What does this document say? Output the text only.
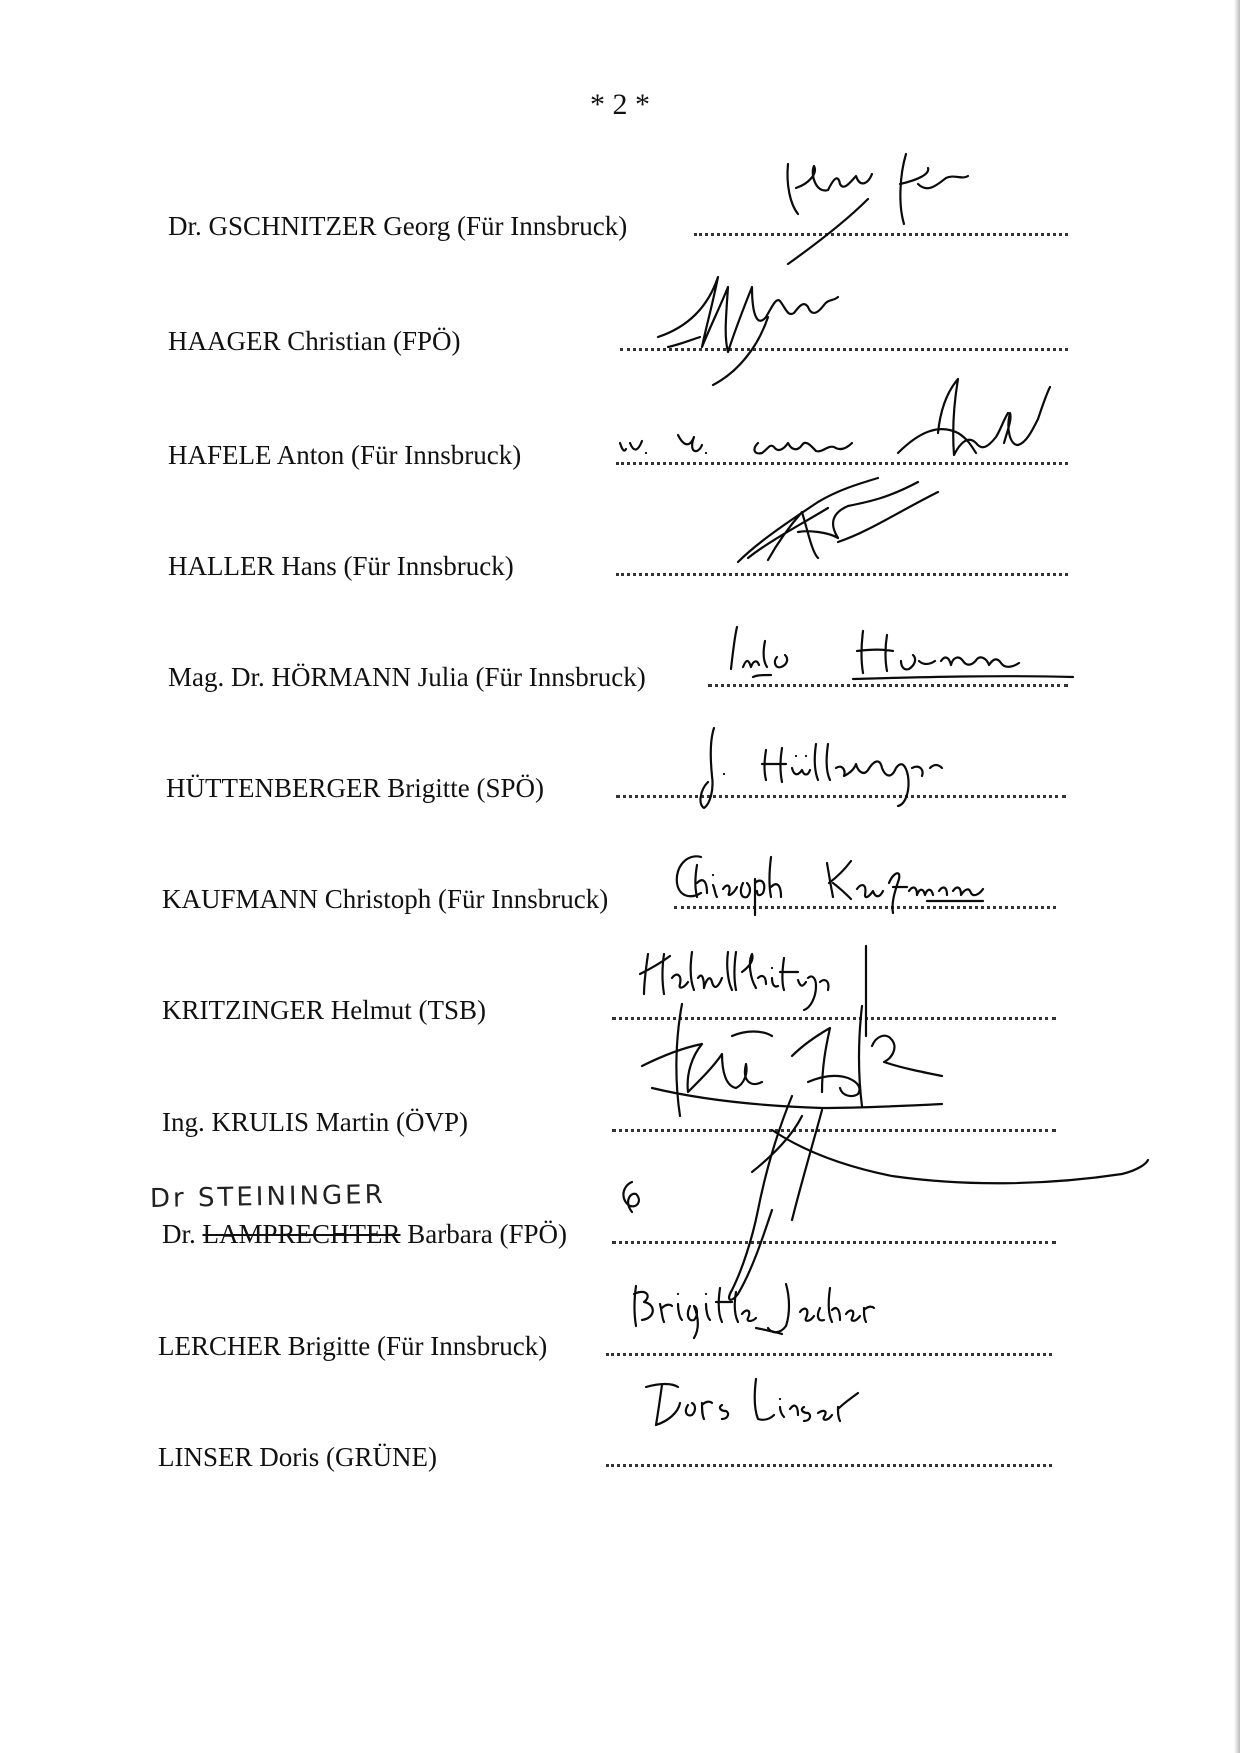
* 2 *
Dr. GSCHNITZER Georg (Für Innsbruck)
HAAGER Christian (FPÖ)
HAFELE Anton (Für Innsbruck)
HALLER Hans (Für Innsbruck)
Mag. Dr. HÖRMANN Julia (Für Innsbruck)
HÜTTENBERGER Brigitte (SPÖ)
KAUFMANN Christoph (Für Innsbruck)
KRITZINGER Helmut (TSB)
Ing. KRULIS Martin (ÖVP)
Dr STEININGER
Dr. LAMPRECHTER Barbara (FPÖ)
LERCHER Brigitte (Für Innsbruck)
LINSER Doris (GRÜNE)
